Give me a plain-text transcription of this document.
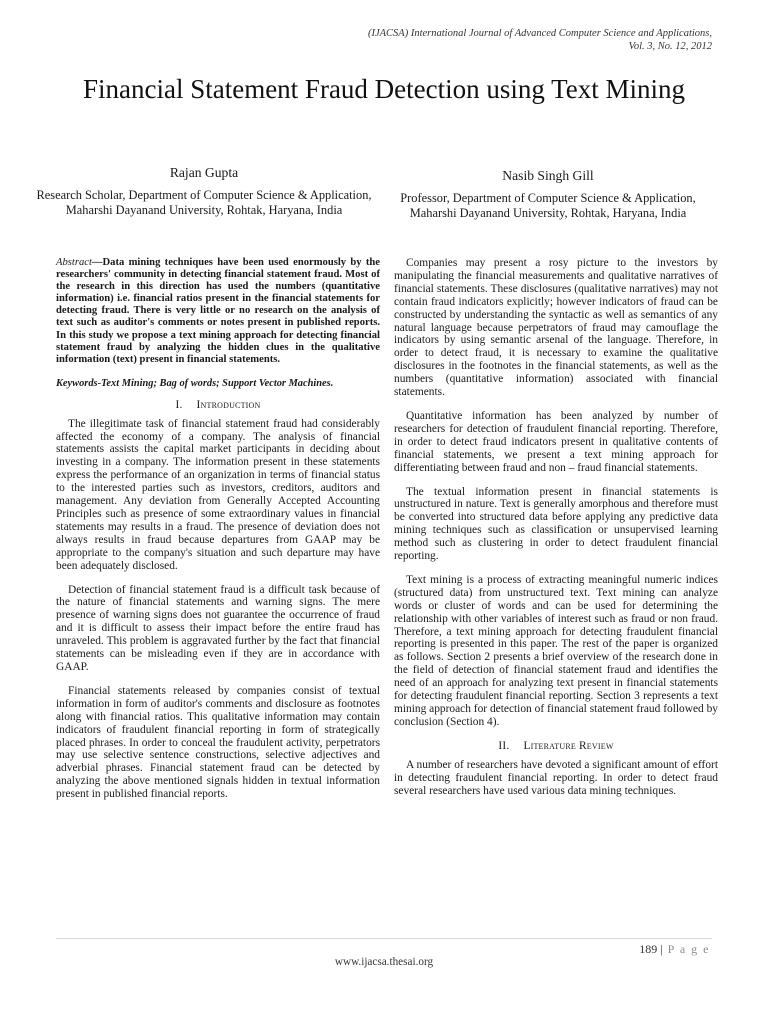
(IJACSA) International Journal of Advanced Computer Science and Applications,
Vol. 3, No. 12, 2012
Financial Statement Fraud Detection using Text Mining
Rajan Gupta
Research Scholar, Department of Computer Science & Application, Maharshi Dayanand University, Rohtak, Haryana, India
Nasib Singh Gill
Professor, Department of Computer Science & Application, Maharshi Dayanand University, Rohtak, Haryana, India

Abstract—Data mining techniques have been used enormously by the researchers' community in detecting financial statement fraud. Most of the research in this direction has used the numbers (quantitative information) i.e. financial ratios present in the financial statements for detecting fraud. There is very little or no research on the analysis of text such as auditor's comments or notes present in published reports. In this study we propose a text mining approach for detecting financial statement fraud by analyzing the hidden clues in the qualitative information (text) present in financial statements.

Keywords-Text Mining; Bag of words; Support Vector Machines.

I. Introduction

The illegitimate task of financial statement fraud had considerably affected the economy of a company. The analysis of financial statements assists the capital market participants in deciding about investing in a company. The information present in these statements express the performance of an organization in terms of financial status to the interested parties such as investors, creditors, auditors and management. Any deviation from Generally Accepted Accounting Principles such as presence of some extraordinary values in financial statements may results in a fraud. The presence of deviation does not always results in fraud because departures from GAAP may be appropriate to the company's situation and such departure may have been adequately disclosed.

Detection of financial statement fraud is a difficult task because of the nature of financial statements and warning signs. The mere presence of warning signs does not guarantee the occurrence of fraud and it is difficult to assess their impact before the entire fraud has unraveled. This problem is aggravated further by the fact that financial statements can be misleading even if they are in accordance with GAAP.

Financial statements released by companies consist of textual information in form of auditor's comments and disclosure as footnotes along with financial ratios. This qualitative information may contain indicators of fraudulent financial reporting in form of strategically placed phrases. In order to conceal the fraudulent activity, perpetrators may use selective sentence constructions, selective adjectives and adverbial phrases. Financial statement fraud can be detected by analyzing the above mentioned signals hidden in textual information present in published financial reports.

Companies may present a rosy picture to the investors by manipulating the financial measurements and qualitative narratives of financial statements. These disclosures (qualitative narratives) may not contain fraud indicators explicitly; however indicators of fraud can be constructed by understanding the syntactic as well as semantics of any natural language because perpetrators of fraud may camouflage the indicators by using semantic arsenal of the language. Therefore, in order to detect fraud, it is necessary to examine the qualitative disclosures in the footnotes in the financial statements, as well as the numbers (quantitative information) associated with financial statements.

Quantitative information has been analyzed by number of researchers for detection of fraudulent financial reporting. Therefore, in order to detect fraud indicators present in qualitative contents of financial statements, we present a text mining approach for differentiating between fraud and non – fraud financial statements.

The textual information present in financial statements is unstructured in nature. Text is generally amorphous and therefore must be converted into structured data before applying any predictive data mining techniques such as classification or unsupervised learning method such as clustering in order to detect fraudulent financial reporting.

Text mining is a process of extracting meaningful numeric indices (structured data) from unstructured text. Text mining can analyze words or cluster of words and can be used for determining the relationship with other variables of interest such as fraud or non fraud. Therefore, a text mining approach for detecting fraudulent financial reporting is presented in this paper. The rest of the paper is organized as follows. Section 2 presents a brief overview of the research done in the field of detection of financial statement fraud and identifies the need of an approach for analyzing text present in financial statements for detecting fraudulent financial reporting. Section 3 represents a text mining approach for detection of financial statement fraud followed by conclusion (Section 4).

II. Literature Review

A number of researchers have devoted a significant amount of effort in detecting fraudulent financial reporting. In order to detect fraud several researchers have used various data mining techniques.

189 | P a g e
www.ijacsa.thesai.org
